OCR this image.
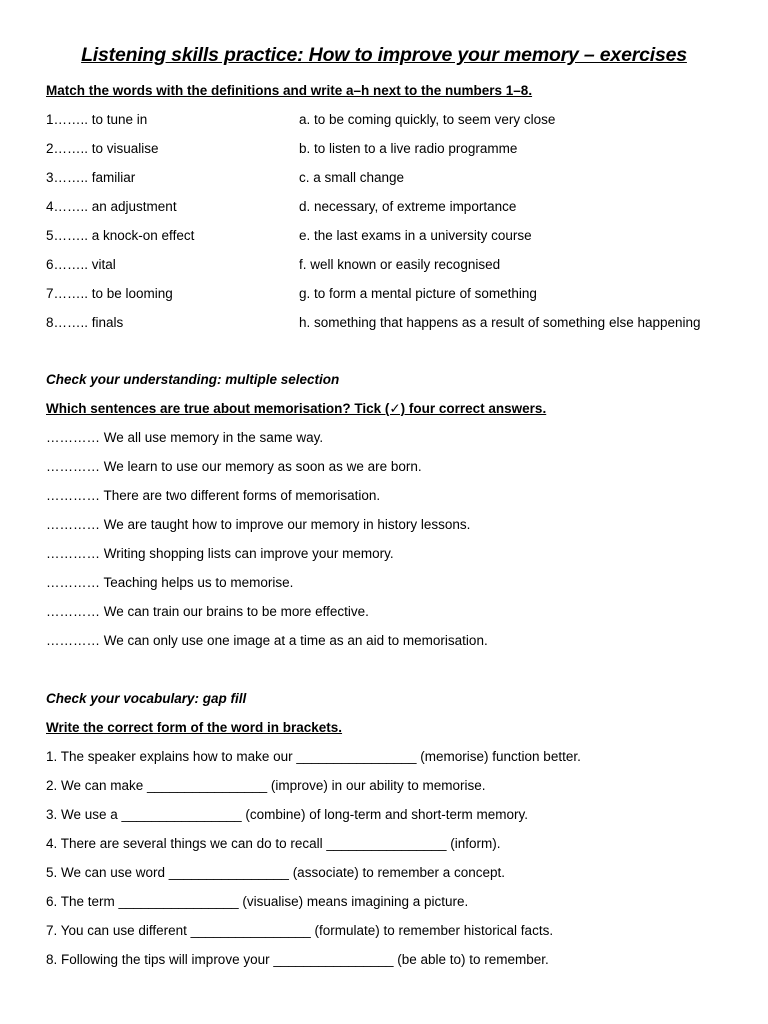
Listening skills practice: How to improve your memory – exercises
Match the words with the definitions and write a–h next to the numbers 1–8.
1…….. to tune in	a. to be coming quickly, to seem very close
2…….. to visualise	b. to listen to a live radio programme
3…….. familiar	c. a small change
4…….. an adjustment	d. necessary, of extreme importance
5…….. a knock-on effect	e. the last exams in a university course
6…….. vital	f. well known or easily recognised
7…….. to be looming	g. to form a mental picture of something
8…….. finals	h. something that happens as a result of something else happening
Check your understanding: multiple selection
Which sentences are true about memorisation? Tick (✓) four correct answers.
………… We all use memory in the same way.
………… We learn to use our memory as soon as we are born.
………… There are two different forms of memorisation.
………… We are taught how to improve our memory in history lessons.
………… Writing shopping lists can improve your memory.
………… Teaching helps us to memorise.
………… We can train our brains to be more effective.
………… We can only use one image at a time as an aid to memorisation.
Check your vocabulary: gap fill
Write the correct form of the word in brackets.
1. The speaker explains how to make our ________________ (memorise) function better.
2. We can make ________________ (improve) in our ability to memorise.
3. We use a ________________ (combine) of long-term and short-term memory.
4. There are several things we can do to recall ________________ (inform).
5. We can use word ________________ (associate) to remember a concept.
6. The term ________________ (visualise) means imagining a picture.
7. You can use different ________________ (formulate) to remember historical facts.
8. Following the tips will improve your ________________ (be able to) to remember.
